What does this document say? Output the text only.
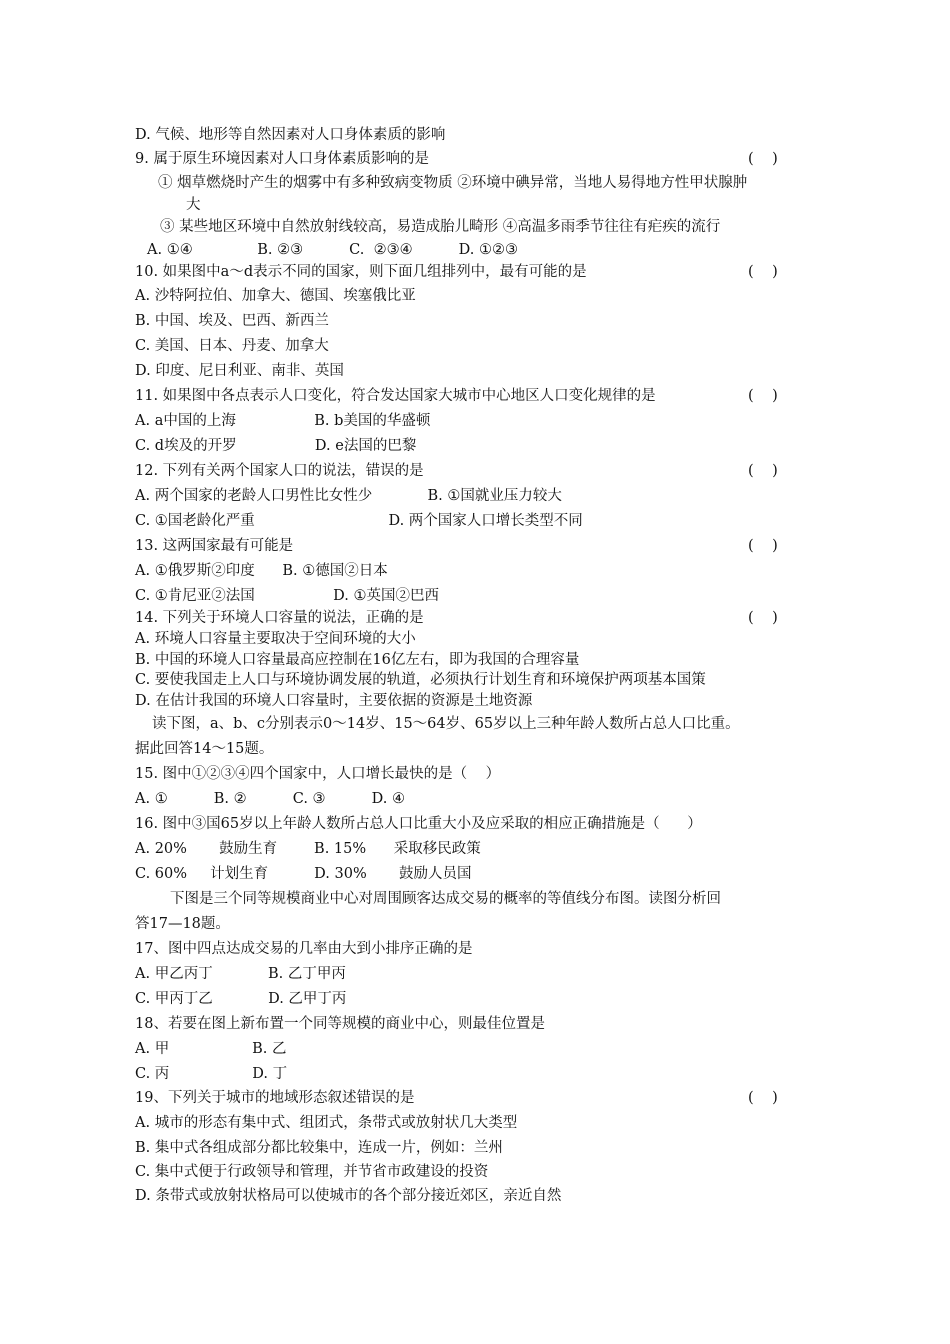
D. 气候、地形等自然因素对人口身体素质的影响
9. 属于原生环境因素对人口身体素质影响的是	(    )
① 烟草燃烧时产生的烟雾中有多种致病变物质 ②环境中碘异常，当地人易得地方性甲状腺肿
大
③ 某些地区环境中自然放射线较高，易造成胎儿畸形 ④高温多雨季节往往有疟疾的流行
A. ①④              B. ②③          C.  ②③④          D. ①②③
10. 如果图中a～d表示不同的国家，则下面几组排列中，最有可能的是	(    )
A. 沙特阿拉伯、加拿大、德国、埃塞俄比亚
B. 中国、埃及、巴西、新西兰
C. 美国、日本、丹麦、加拿大
D. 印度、尼日利亚、南非、英国
11. 如果图中各点表示人口变化，符合发达国家大城市中心地区人口变化规律的是	(    )
A. a中国的上海                 B. b美国的华盛顿
C. d埃及的开罗                 D. e法国的巴黎
12. 下列有关两个国家人口的说法，错误的是	(    )
A. 两个国家的老龄人口男性比女性少            B. ①国就业压力较大
C. ①国老龄化严重                             D. 两个国家人口增长类型不同
13. 这两国家最有可能是	(    )
A. ①俄罗斯②印度      B. ①德国②日本
C. ①肯尼亚②法国                 D. ①英国②巴西
14. 下列关于环境人口容量的说法，正确的是	(    )
A. 环境人口容量主要取决于空间环境的大小
B. 中国的环境人口容量最高应控制在16亿左右，即为我国的合理容量
C. 要使我国走上人口与环境协调发展的轨道，必须执行计划生育和环境保护两项基本国策
D. 在估计我国的环境人口容量时，主要依据的资源是土地资源
读下图，a、b、c分别表示0～14岁、15～64岁、65岁以上三种年龄人数所占总人口比重。
据此回答14～15题。
15. 图中①②③④四个国家中，人口增长最快的是（    ）
A. ①          B. ②          C. ③          D. ④
16. 图中③国65岁以上年龄人数所占总人口比重大小及应采取的相应正确措施是（      ）
A. 20%       鼓励生育        B. 15%      采取移民政策
C. 60%     计划生育          D. 30%       鼓励人员国
下图是三个同等规模商业中心对周围顾客达成交易的概率的等值线分布图。读图分析回
答17—18题。
17、图中四点达成交易的几率由大到小排序正确的是
A. 甲乙丙丁            B. 乙丁甲丙
C. 甲丙丁乙            D. 乙甲丁丙
18、若要在图上新布置一个同等规模的商业中心，则最佳位置是
A. 甲                  B. 乙
C. 丙                  D. 丁
19、下列关于城市的地域形态叙述错误的是	(    )
A. 城市的形态有集中式、组团式，条带式或放射状几大类型
B. 集中式各组成部分都比较集中，连成一片，例如：兰州
C. 集中式便于行政领导和管理，并节省市政建设的投资
D. 条带式或放射状格局可以使城市的各个部分接近郊区，亲近自然
